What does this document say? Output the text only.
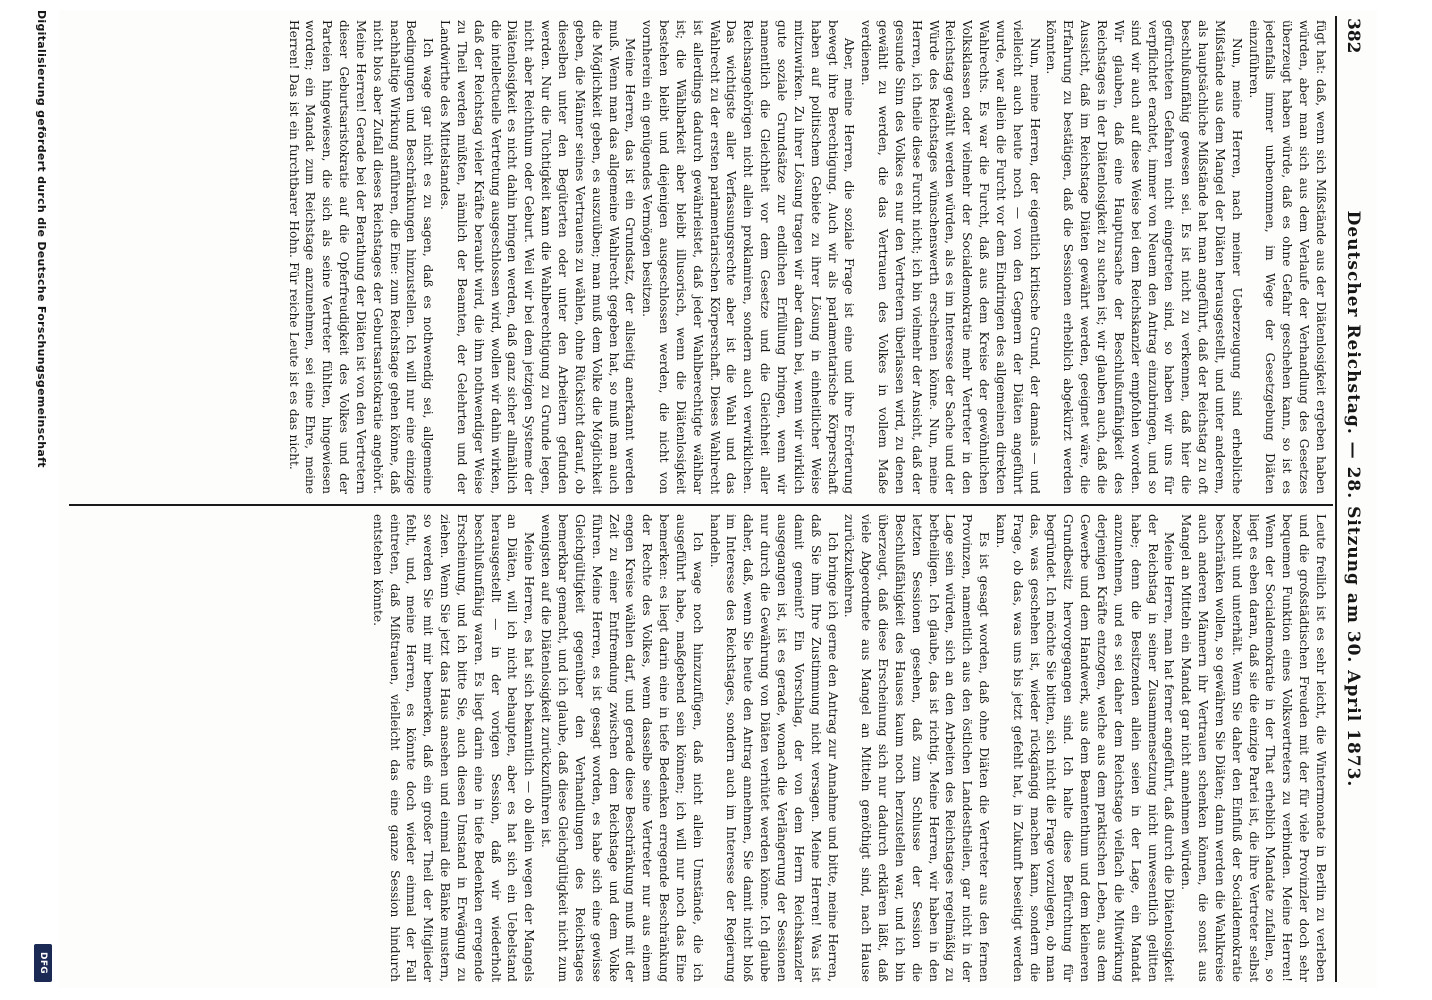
382
Deutscher Reichstag. — 28. Sitzung am 30. April 1873.

fügt hat: daß, wenn sich Mißstände aus der Diätenlosigkeit ergeben haben würden, aber man sich aus dem Verlaufe der Verhandlung des Gesetzes überzeugt haben würde, daß es ohne Gefahr geschehen kann, so ist es jedenfalls immer unbenommen, im Wege der Gesetzgebung Diäten einzuführen.

Nun, meine Herren, nach meiner Ueberzeugung sind erhebliche Mißstände aus dem Mangel der Diäten herausgestellt, und unter anderem, als hauptsächliche Mißstände hat man angeführt, daß der Reichstag zu oft beschlußunfähig gewesen sei. Es ist nicht zu verkennen, daß hier die gefürchteten Gefahren nicht eingetreten sind, so haben wir uns für verpflichtet erachtet, immer von Neuem den Antrag einzubringen, und so sind wir auch auf diese Weise bei dem Reichskanzler empfohlen worden. Wir glauben, daß eine Hauptursache der Beschlußunfähigkeit des Reichstages in der Diätenlosigkeit zu suchen ist; wir glauben auch, daß die Aussicht, daß im Reichstage Diäten gewährt werden, geeignet wäre, die Erfahrung zu bestätigen, daß die Sessionen erheblich abgekürzt werden könnten.

Nun, meine Herren, der eigentlich kritische Grund, der damals — und vielleicht auch heute noch — von den Gegnern der Diäten angeführt wurde, war allein die Furcht vor dem Eindringen des allgemeinen direkten Wahlrechts. Es war die Furcht, daß aus dem Kreise der gewöhnlichen Volksklassen oder vielmehr der Socialdemokratie mehr Vertreter in den Reichstag gewählt werden würden, als es im Interesse der Sache und der Würde des Reichstages wünschenswerth erscheinen könne. Nun, meine Herren, ich theile diese Furcht nicht; ich bin vielmehr der Ansicht, daß der gesunde Sinn des Volkes es nur den Vertretern überlassen wird, zu denen gewählt zu werden, die das Vertrauen des Volkes in vollem Maße verdienen.

Aber, meine Herren, die soziale Frage ist eine und ihre Erörterung bewegt ihre Berechtigung. Auch wir als parlamentarische Körperschaft haben auf politischem Gebiete zu ihrer Lösung in einheitlicher Weise mitzuwirken. Zu ihrer Lösung tragen wir aber dann bei, wenn wir wirklich gute soziale Grundsätze zur endlichen Erfüllung bringen, wenn wir namentlich die Gleichheit vor dem Gesetze und die Gleichheit aller Reichsangehörigen nicht allein proklamiren, sondern auch verwirklichen. Das wichtigste aller Verfassungsrechte aber ist die Wahl und das Wahlrecht zu der ersten parlamentarischen Körperschaft. Dieses Wahlrecht ist allerdings dadurch gewährleistet, daß jeder Wahlberechtigte wählbar ist; die Wählbarkeit aber bleibt illusorisch, wenn die Diätenlosigkeit bestehen bleibt und diejenigen ausgeschlossen werden, die nicht von vornherein ein genügendes Vermögen besitzen.

Meine Herren, das ist ein Grundsatz, der allseitig anerkannt werden muß. Wenn man das allgemeine Wahlrecht gegeben hat, so muß man auch die Möglichkeit geben, es auszuüben; man muß dem Volke die Möglichkeit geben, die Männer seines Vertrauens zu wählen, ohne Rücksicht darauf, ob dieselben unter den Begüterten oder unter den Arbeitern gefunden werden. Nur die Tüchtigkeit kann die Wahlberechtigung zu Grunde legen, nicht aber Reichthum oder Geburt. Weil wir bei dem jetzigen Systeme der Diätenlosigkeit es nicht dahin bringen werden, daß ganz sicher allmählich die intellectuelle Vertretung ausgeschlossen wird, wollen wir dahin wirken, daß der Reichstag vieler Kräfte beraubt wird, die ihm nothwendiger Weise zu Theil werden müßten, nämlich der Beamten, der Gelehrten und der Landwirthe des Mittelstandes.

Ich wage gar nicht es zu sagen, daß es nothwendig sei, allgemeine Bedingungen und Beschränkungen hinzustellen. Ich will nur eine einzige nachhaltige Wirkung anführen, die Eine: zum Reichstage gehen könne, daß nicht blos aber Zufall dieses Reichstages der Geburtsaristokratie angehört. Meine Herren! Gerade bei der Berathung der Diäten ist von den Vertretern dieser Geburtsaristokratie auf die Opferfreudigkeit des Volkes und der Parteien hingewiesen, die sich als seine Vertreter fühlten, hingewiesen worden; ein Mandat zum Reichstage anzunehmen, sei eine Ehre, meine Herren! Das ist ein furchtbarer Hohn. Für reiche Leute ist es das nicht.

Leute freilich ist es sehr leicht, die Wintermonate in Berlin zu verleben und die großstädtischen Freuden mit der für viele Provinzler doch sehr bequemen Funktion eines Volksvertreters zu verbinden. Meine Herren! Wenn der Socialdemokratie in der That erheblich Mandate zufallen, so liegt es eben daran, daß sie die einzige Partei ist, die ihre Vertreter selbst bezahlt und unterhält. Wenn Sie daher den Einfluß der Socialdemokratie beschränken wollen, so gewähren Sie Diäten; dann werden die Wahlkreise auch anderen Männern ihr Vertrauen schenken können, die sonst aus Mangel an Mitteln ein Mandat gar nicht annehmen würden.

Meine Herren, man hat ferner angeführt, daß durch die Diätenlosigkeit der Reichstag in seiner Zusammensetzung nicht unwesentlich gelitten habe; denn die Besitzenden allein seien in der Lage, ein Mandat anzunehmen, und es sei daher dem Reichstage vielfach die Mitwirkung derjenigen Kräfte entzogen, welche aus dem praktischen Leben, aus dem Gewerbe und dem Handwerk, aus dem Beamtenthum und dem kleineren Grundbesitz hervorgegangen sind. Ich halte diese Befürchtung für begründet. Ich möchte Sie bitten, sich nicht die Frage vorzulegen, ob man das, was geschehen ist, wieder rückgängig machen kann, sondern die Frage, ob das, was uns bis jetzt gefehlt hat, in Zukunft beseitigt werden kann.

Es ist gesagt worden, daß ohne Diäten die Vertreter aus den fernen Provinzen, namentlich aus den östlichen Landestheilen, gar nicht in der Lage sein würden, sich an den Arbeiten des Reichstages regelmäßig zu betheiligen. Ich glaube, das ist richtig. Meine Herren, wir haben in den letzten Sessionen gesehen, daß zum Schlusse der Session die Beschlußfähigkeit des Hauses kaum noch herzustellen war, und ich bin überzeugt, daß diese Erscheinung sich nur dadurch erklären läßt, daß viele Abgeordnete aus Mangel an Mitteln genöthigt sind, nach Hause zurückzukehren.

Ich bringe ich gerne den Antrag zur Annahme und bitte, meine Herren, daß Sie ihm Ihre Zustimmung nicht versagen. Meine Herren! Was ist damit gemeint? Ein Vorschlag, der von dem Herrn Reichskanzler ausgegangen ist, ist es gerade, wonach die Verlängerung der Sessionen nur durch die Gewährung von Diäten verhütet werden könne. Ich glaube daher, daß, wenn Sie heute den Antrag annehmen, Sie damit nicht bloß im Interesse des Reichstages, sondern auch im Interesse der Regierung handeln.

Ich wage noch hinzuzufügen, daß nicht allein Umstände, die ich ausgeführt habe, maßgebend sein können; ich will nur noch das Eine bemerken: es liegt darin eine in tiefe Bedenken erregende Beschränkung der Rechte des Volkes, wenn dasselbe seine Vertreter nur aus einem engen Kreise wählen darf, und gerade diese Beschränkung muß mit der Zeit zu einer Entfremdung zwischen dem Reichstage und dem Volke führen. Meine Herren, es ist gesagt worden, es habe sich eine gewisse Gleichgültigkeit gegenüber den Verhandlungen des Reichstages bemerkbar gemacht, und ich glaube, daß diese Gleichgültigkeit nicht zum wenigsten auf die Diätenlosigkeit zurückzuführen ist.

Meine Herren, es hat sich bekanntlich — ob allein wegen der Mangels an Diäten, will ich nicht behaupten, aber es hat sich ein Uebelstand herausgestellt — in der vorigen Session, daß wir wiederholt beschlußunfähig waren. Es liegt darin eine in tiefe Bedenken erregende Erscheinung, und ich bitte Sie, auch diesen Umstand in Erwägung zu ziehen. Wenn Sie jetzt das Haus ansehen und einmal die Bänke mustern, so werden Sie mit mir bemerken, daß ein großer Theil der Mitglieder fehlt, und, meine Herren, es könnte doch wieder einmal der Fall eintreten, daß Mißtrauen, vielleicht das eine ganze Session hindurch entstehen könnte.

Digitalisierung gefördert durch die Deutsche Forschungsgemeinschaft
DFG
